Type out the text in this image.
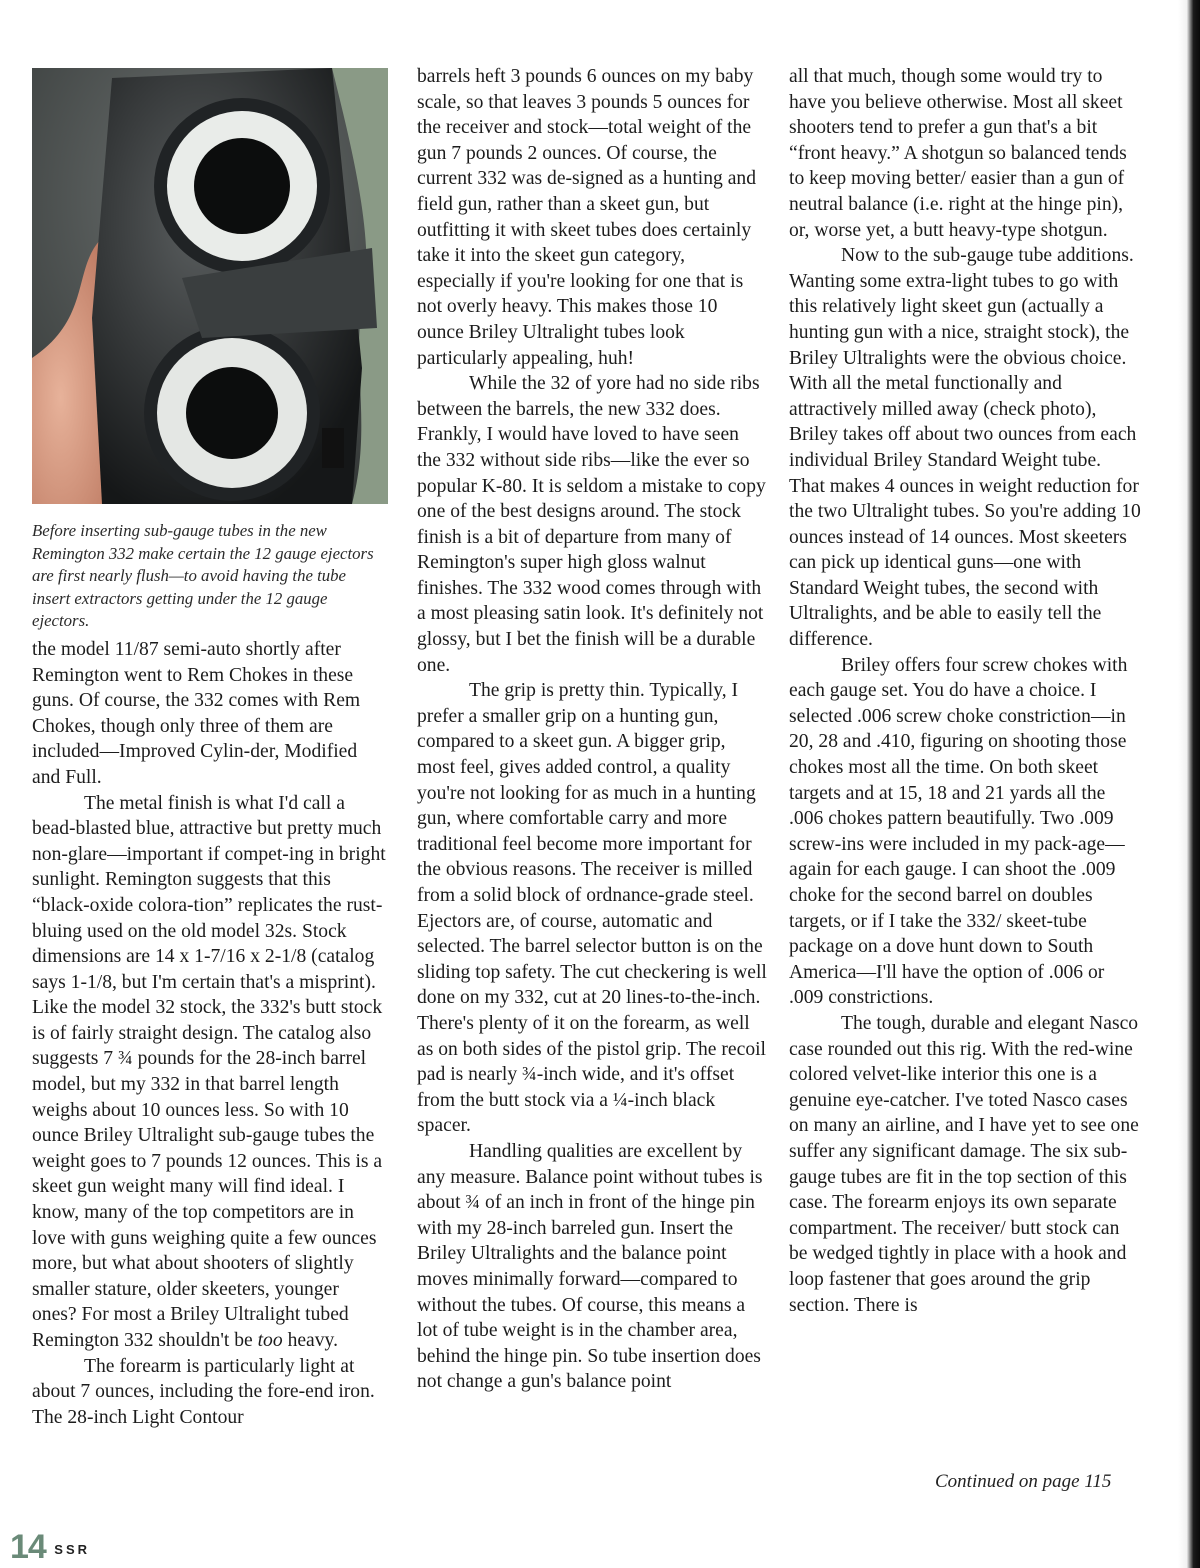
Before inserting sub-gauge tubes in the new Remington 332 make certain the 12 gauge ejectors are first nearly flush—to avoid having the tube insert extractors getting under the 12 gauge ejectors.

the model 11/87 semi-auto shortly after Remington went to Rem Chokes in these guns. Of course, the 332 comes with Rem Chokes, though only three of them are included—Improved Cylin-der, Modified and Full.

The metal finish is what I'd call a bead-blasted blue, attractive but pretty much non-glare—important if compet-ing in bright sunlight. Remington suggests that this “black-oxide colora-tion” replicates the rust-bluing used on the old model 32s. Stock dimensions are 14 x 1-7/16 x 2-1/8 (catalog says 1-1/8, but I'm certain that's a misprint). Like the model 32 stock, the 332's butt stock is of fairly straight design. The catalog also suggests 7 ¾ pounds for the 28-inch barrel model, but my 332 in that barrel length weighs about 10 ounces less. So with 10 ounce Briley Ultralight sub-gauge tubes the weight goes to 7 pounds 12 ounces. This is a skeet gun weight many will find ideal. I know, many of the top competitors are in love with guns weighing quite a few ounces more, but what about shooters of slightly smaller stature, older skeeters, younger ones? For most a Briley Ultralight tubed Remington 332 shouldn't be too heavy.

The forearm is particularly light at about 7 ounces, including the fore-end iron. The 28-inch Light Contour

barrels heft 3 pounds 6 ounces on my baby scale, so that leaves 3 pounds 5 ounces for the receiver and stock—total weight of the gun 7 pounds 2 ounces. Of course, the current 332 was de-signed as a hunting and field gun, rather than a skeet gun, but outfitting it with skeet tubes does certainly take it into the skeet gun category, especially if you're looking for one that is not overly heavy. This makes those 10 ounce Briley Ultralight tubes look particularly appealing, huh!

While the 32 of yore had no side ribs between the barrels, the new 332 does. Frankly, I would have loved to have seen the 332 without side ribs—like the ever so popular K-80. It is seldom a mistake to copy one of the best designs around. The stock finish is a bit of departure from many of Remington's super high gloss walnut finishes. The 332 wood comes through with a most pleasing satin look. It's definitely not glossy, but I bet the finish will be a durable one.

The grip is pretty thin. Typically, I prefer a smaller grip on a hunting gun, compared to a skeet gun. A bigger grip, most feel, gives added control, a quality you're not looking for as much in a hunting gun, where comfortable carry and more traditional feel become more important for the obvious reasons. The receiver is milled from a solid block of ordnance-grade steel. Ejectors are, of course, automatic and selected. The barrel selector button is on the sliding top safety. The cut checkering is well done on my 332, cut at 20 lines-to-the-inch. There's plenty of it on the forearm, as well as on both sides of the pistol grip. The recoil pad is nearly ¾-inch wide, and it's offset from the butt stock via a ¼-inch black spacer.

Handling qualities are excellent by any measure. Balance point without tubes is about ¾ of an inch in front of the hinge pin with my 28-inch barreled gun. Insert the Briley Ultralights and the balance point moves minimally forward—compared to without the tubes. Of course, this means a lot of tube weight is in the chamber area, behind the hinge pin. So tube insertion does not change a gun's balance point

all that much, though some would try to have you believe otherwise. Most all skeet shooters tend to prefer a gun that's a bit “front heavy.” A shotgun so balanced tends to keep moving better/ easier than a gun of neutral balance (i.e. right at the hinge pin), or, worse yet, a butt heavy-type shotgun.

Now to the sub-gauge tube additions. Wanting some extra-light tubes to go with this relatively light skeet gun (actually a hunting gun with a nice, straight stock), the Briley Ultralights were the obvious choice. With all the metal functionally and attractively milled away (check photo), Briley takes off about two ounces from each individual Briley Standard Weight tube. That makes 4 ounces in weight reduction for the two Ultralight tubes. So you're adding 10 ounces instead of 14 ounces. Most skeeters can pick up identical guns—one with Standard Weight tubes, the second with Ultralights, and be able to easily tell the difference.

Briley offers four screw chokes with each gauge set. You do have a choice. I selected .006 screw choke constriction—in 20, 28 and .410, figuring on shooting those chokes most all the time. On both skeet targets and at 15, 18 and 21 yards all the .006 chokes pattern beautifully. Two .009 screw-ins were included in my pack-age—again for each gauge. I can shoot the .009 choke for the second barrel on doubles targets, or if I take the 332/ skeet-tube package on a dove hunt down to South America—I'll have the option of .006 or .009 constrictions.

The tough, durable and elegant Nasco case rounded out this rig. With the red-wine colored velvet-like interior this one is a genuine eye-catcher. I've toted Nasco cases on many an airline, and I have yet to see one suffer any significant damage. The six sub-gauge tubes are fit in the top section of this case. The forearm enjoys its own separate compartment. The receiver/ butt stock can be wedged tightly in place with a hook and loop fastener that goes around the grip section. There is

Continued on page 115
14 $^{SSR}$
